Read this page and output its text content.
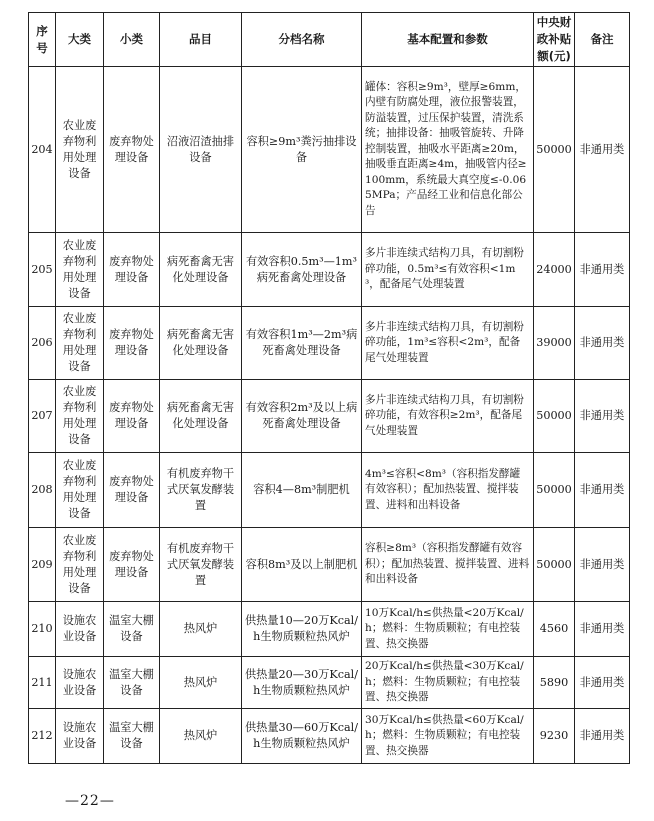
序号	大类	小类	品目	分档名称	基本配置和参数	中央财政补贴额(元)	备注
204	农业废弃物利用处理设备	废弃物处理设备	沼液沼渣抽排设备	容积≥9m³粪污抽排设备	罐体：容积≥9m³，壁厚≥6mm，内壁有防腐处理，液位报警装置，防溢装置，过压保护装置，清洗系统；抽排设备：抽吸管旋转、升降控制装置，抽吸水平距离≥20m，抽吸垂直距离≥4m，抽吸管内径≥100mm，系统最大真空度≤-0.065MPa；产品经工业和信息化部公告	50000	非通用类
205	农业废弃物利用处理设备	废弃物处理设备	病死畜禽无害化处理设备	有效容积0.5m³—1m³病死畜禽处理设备	多片非连续式结构刀具，有切割粉碎功能，0.5m³≤有效容积<1m³，配备尾气处理装置	24000	非通用类
206	农业废弃物利用处理设备	废弃物处理设备	病死畜禽无害化处理设备	有效容积1m³—2m³病死畜禽处理设备	多片非连续式结构刀具，有切割粉碎功能，1m³≤容积<2m³，配备尾气处理装置	39000	非通用类
207	农业废弃物利用处理设备	废弃物处理设备	病死畜禽无害化处理设备	有效容积2m³及以上病死畜禽处理设备	多片非连续式结构刀具，有切割粉碎功能，有效容积≥2m³，配备尾气处理装置	50000	非通用类
208	农业废弃物利用处理设备	废弃物处理设备	有机废弃物干式厌氧发酵装置	容积4—8m³制肥机	4m³≤容积<8m³（容积指发酵罐有效容积）；配加热装置、搅拌装置、进料和出料设备	50000	非通用类
209	农业废弃物利用处理设备	废弃物处理设备	有机废弃物干式厌氧发酵装置	容积8m³及以上制肥机	容积≥8m³（容积指发酵罐有效容积）；配加热装置、搅拌装置、进料和出料设备	50000	非通用类
210	设施农业设备	温室大棚设备	热风炉	供热量10—20万Kcal/h生物质颗粒热风炉	10万Kcal/h≤供热量<20万Kcal/h；燃料：生物质颗粒；有电控装置、热交换器	4560	非通用类
211	设施农业设备	温室大棚设备	热风炉	供热量20—30万Kcal/h生物质颗粒热风炉	20万Kcal/h≤供热量<30万Kcal/h；燃料：生物质颗粒；有电控装置、热交换器	5890	非通用类
212	设施农业设备	温室大棚设备	热风炉	供热量30—60万Kcal/h生物质颗粒热风炉	30万Kcal/h≤供热量<60万Kcal/h；燃料：生物质颗粒；有电控装置、热交换器	9230	非通用类
—22—
